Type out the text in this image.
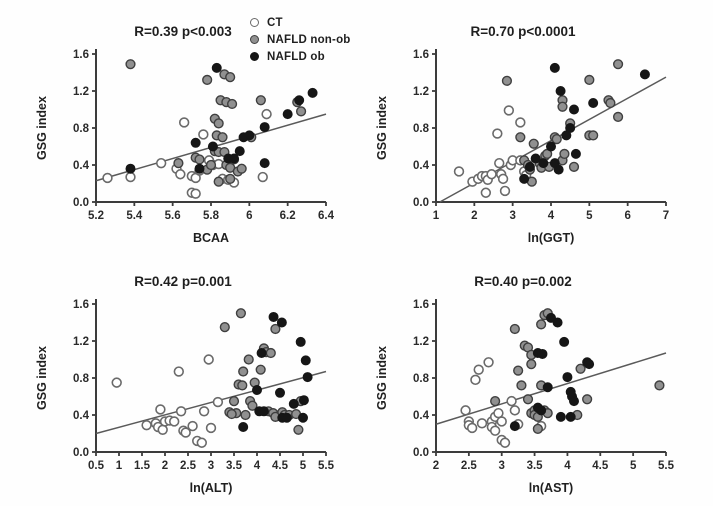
CT
NAFLD non-ob
NAFLD ob
R=0.39 p<0.003
5.2 5.4 5.6 5.8 6 6.2 6.4
0.0
0.4
0.8
1.2
1.6
BCAA
GSG index
R=0.70 p<0.0001
1	2	3	4	5	6	7
0.0
0.4
0.8
1.2
1.6
ln(GGT)
GSG index
R=0.42 p=0.001
0.5 1 1.5 2 2.5 3 3.5 4 4.5 5 5.5
0.0
0.4
0.8
1.2
1.6
ln(ALT)
GSG index
R=0.40 p=0.002
2 2.5 3 3.5 4 4.5 5 5.5
0.0
0.4
0.8
1.2
1.6
ln(AST)
GSG index
